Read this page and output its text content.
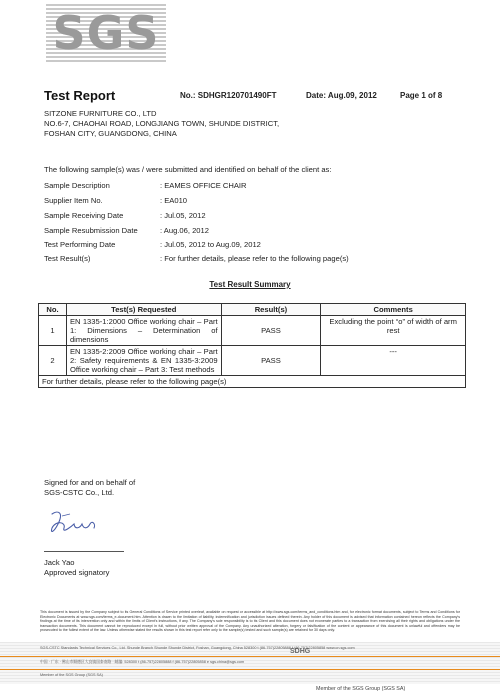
SGS
Test Report	No.: SDHGR120701490FT	Date: Aug.09, 2012	Page 1 of 8
SITZONE FURNITURE CO., LTD
NO.6-7, CHAOHAI ROAD, LONGJIANG TOWN, SHUNDE DISTRICT,
FOSHAN CITY, GUANGDONG, CHINA
The following sample(s) was / were submitted and identified on behalf of the client as:
Sample Description	: EAMES OFFICE CHAIR
Supplier Item No.	: EA010
Sample Receiving Date	: Jul.05, 2012
Sample Resubmission Date	: Aug.06, 2012
Test Performing Date	: Jul.05, 2012 to Aug.09, 2012
Test Result(s)	: For further details, please refer to the following page(s)
Test Result Summary
No.	Test(s) Requested	Result(s)	Comments
1	EN 1335-1:2000 Office working chair – Part 1: Dimensions – Determination of dimensions	PASS	Excluding the point “o” of width of arm rest
2	EN 1335-2:2009 Office working chair – Part 2: Safety requirements & EN 1335-3:2009 Office working chair – Part 3: Test methods	PASS	---
For further details, please refer to the following page(s)			
Signed for and on behalf of
SGS-CSTC Co., Ltd.
Jack Yao
Approved signatory
This document is issued by the Company subject to its General Conditions of Service printed overleaf, available on request or accessible at http://www.sgs.com/terms_and_conditions.htm and, for electronic format documents, subject to Terms and Conditions for Electronic Documents at www.sgs.com/terms_e-document.htm. Attention is drawn to the limitation of liability, indemnification and jurisdiction issues defined therein. Any holder of this document is advised that information contained hereon reflects the Company's findings at the time of its intervention only and within the limits of Client's instructions, if any. The Company's sole responsibility is to its Client and this document does not exonerate parties to a transaction from exercising all their rights and obligations under the transaction documents. This document cannot be reproduced except in full, without prior written approval of the Company. Any unauthorized alteration, forgery or falsification of the content or appearance of this document is unlawful and offenders may be prosecuted to the fullest extent of the law. Unless otherwise stated the results shown in this test report refer only to the sample(s) tested and such sample(s) are retained for 30 days only.
SDHG
SGS-CSTC Standards Technical Services Co., Ltd. Shunde Branch Shunde Shunde District, Foshan, Guangdong, China 528300 t (86-757)22805888 f (86-757)22805858 www.cn.sgs.com
中国 · 广东 · 佛山市顺德区大良镇国泰南路 · 邮编: 528300 t (86-757)22805888 f (86-757)22805858 e sgs.china@sgs.com
Member of the SGS Group (SGS SA)
Member of the SGS Group (SGS SA)
